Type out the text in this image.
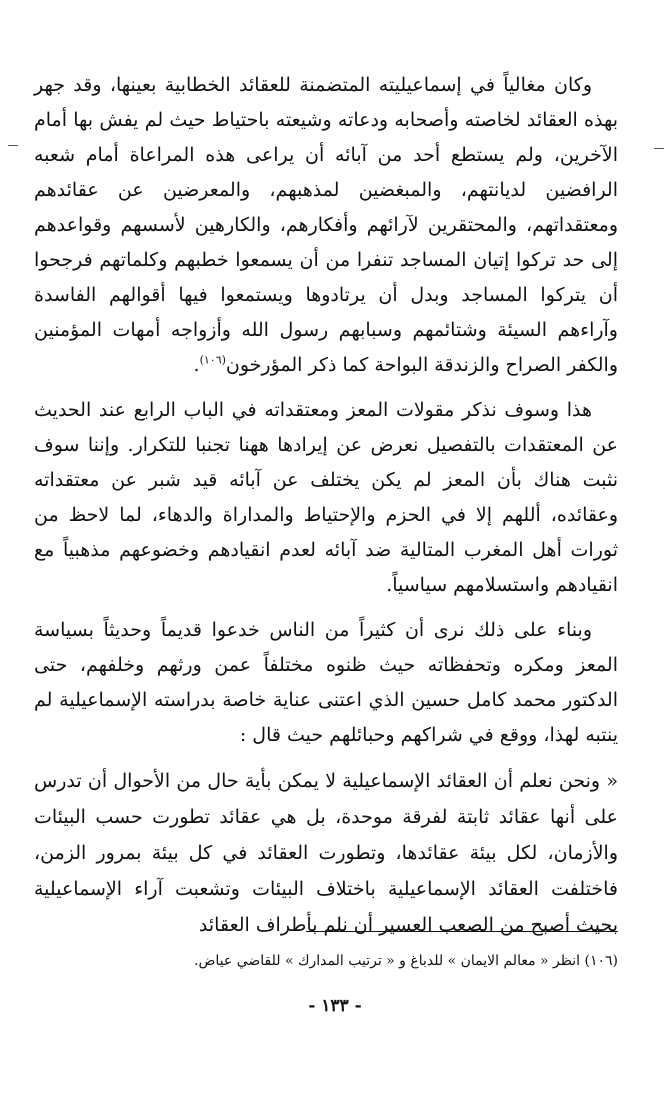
وكان مغالياً في إسماعيليته المتضمنة للعقائد الخطابية بعينها، وقد جهر بهذه العقائد لخاصته وأصحابه ودعاته وشيعته باحتياط حيث لم يفش بها أمام الآخرين، ولم يستطع أحد من آبائه أن يراعى هذه المراعاة أمام شعبه الرافضين لديانتهم، والمبغضين لمذهبهم، والمعرضين عن عقائدهم ومعتقداتهم، والمحتقرين لآرائهم وأفكارهم، والكارهين لأسسهم وقواعدهم إلى حد تركوا إتيان المساجد تنفرا من أن يسمعوا خطبهم وكلماتهم فرجحوا أن يتركوا المساجد وبدل أن يرتادوها ويستمعوا فيها أقوالهم الفاسدة وآراءهم السيئة وشتائمهم وسبابهم رسول الله وأزواجه أمهات المؤمنين والكفر الصراح والزندقة البواحة كما ذكر المؤرخون$^{(١٠٦)}$.

هذا وسوف نذكر مقولات المعز ومعتقداته في الباب الرابع عند الحديث عن المعتقدات بالتفصيل نعرض عن إيرادها ههنا تجنبا للتكرار. وإننا سوف نثبت هناك بأن المعز لم يكن يختلف عن آبائه قيد شبر عن معتقداته وعقائده، أللهم إلا في الحزم والإحتياط والمداراة والدهاء، لما لاحظ من ثورات أهل المغرب المتالية ضد آبائه لعدم انقيادهم وخضوعهم مذهبياً مع انقيادهم واستسلامهم سياسياً.

وبناء على ذلك نرى أن كثيراً من الناس خدعوا قديماً وحديثاً بسياسة المعز ومكره وتحفظاته حيث ظنوه مختلفاً عمن ورثهم وخلفهم، حتى الدكتور محمد كامل حسين الذي اعتنى عناية خاصة بدراسته الإسماعيلية لم ينتبه لهذا، ووقع في شراكهم وحبائلهم حيث قال :

« ونحن نعلم أن العقائد الإسماعيلية لا يمكن بأية حال من الأحوال أن تدرس على أنها عقائد ثابتة لفرقة موحدة، بل هي عقائد تطورت حسب البيئات والأزمان، لكل بيئة عقائدها، وتطورت العقائد في كل بيئة بمرور الزمن، فاختلفت العقائد الإسماعيلية باختلاف البيئات وتشعبت آراء الإسماعيلية بحيث أصبح من الصعب العسير أن نلم بأطراف العقائد

(١٠٦) انظر « معالم الايمان » للدباغ و « ترتيب المدارك » للقاضي عياض.
- ١٣٣ -
